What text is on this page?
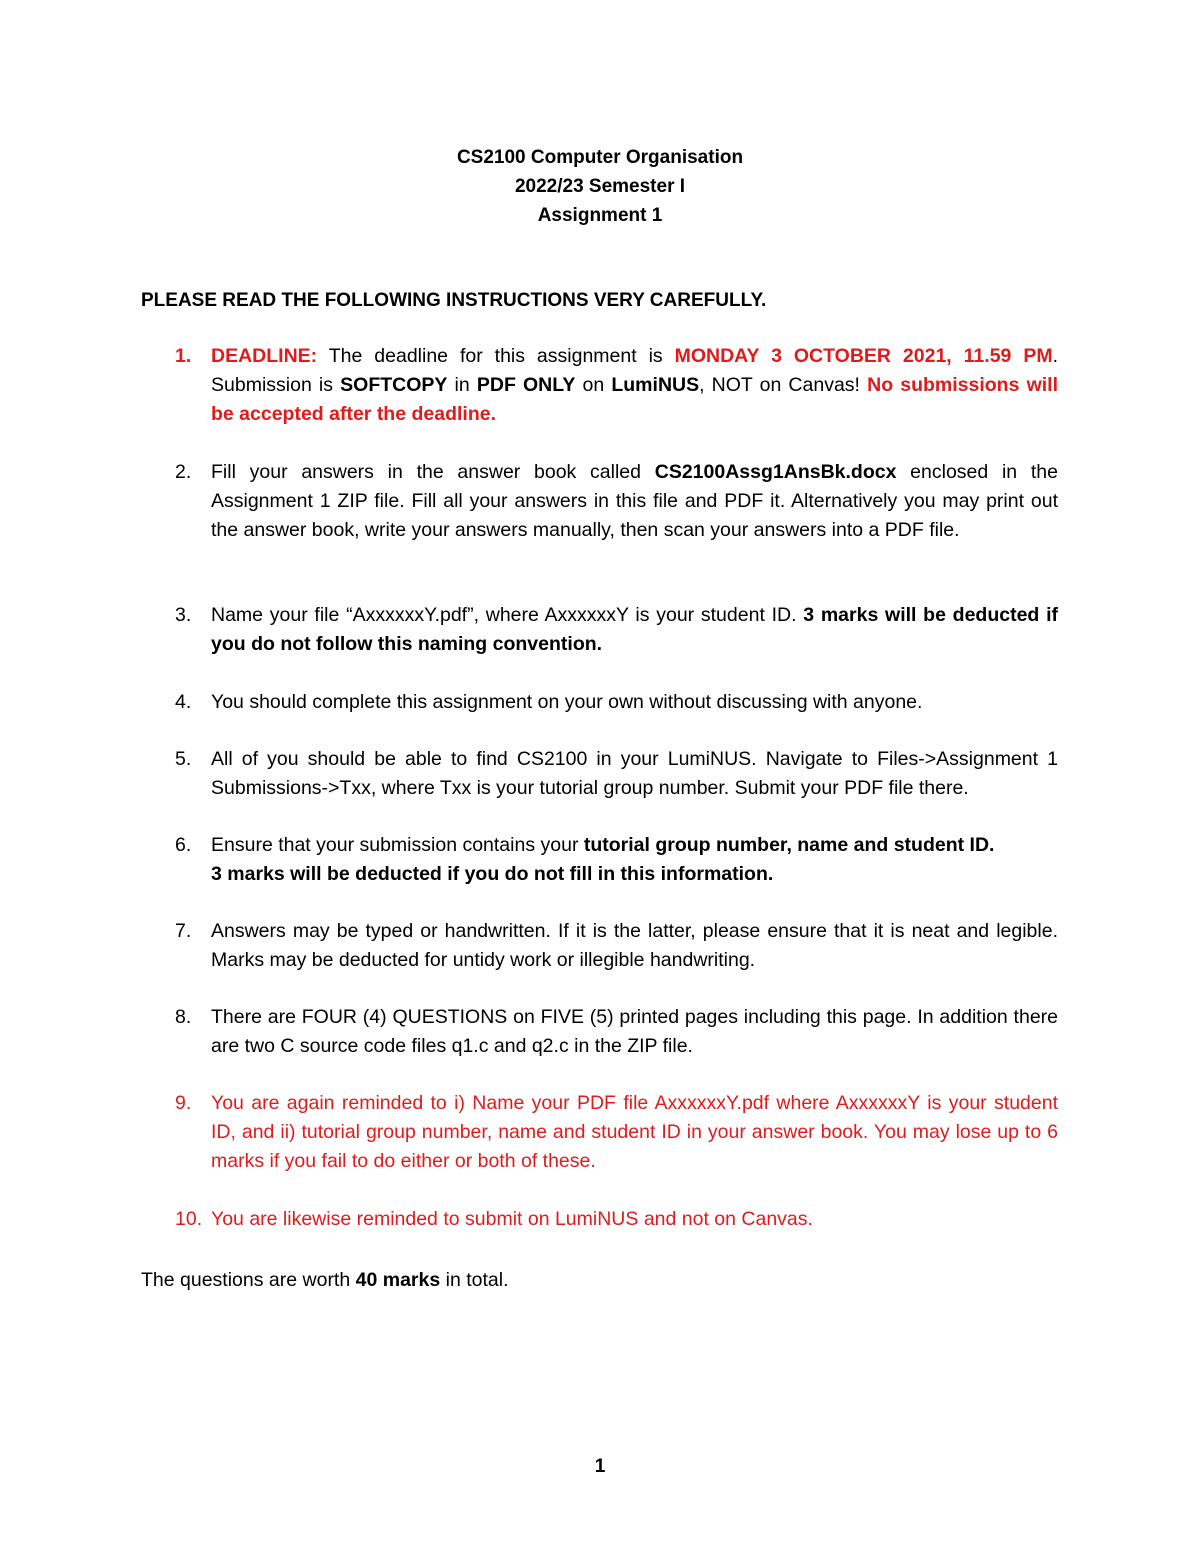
CS2100 Computer Organisation
2022/23 Semester I
Assignment 1
PLEASE READ THE FOLLOWING INSTRUCTIONS VERY CAREFULLY.
1.	DEADLINE: The deadline for this assignment is MONDAY 3 OCTOBER 2021, 11.59 PM. Submission is SOFTCOPY in PDF ONLY on LumiNUS, NOT on Canvas! No submissions will be accepted after the deadline.
2.	Fill your answers in the answer book called CS2100Assg1AnsBk.docx enclosed in the Assignment 1 ZIP file. Fill all your answers in this file and PDF it. Alternatively you may print out the answer book, write your answers manually, then scan your answers into a PDF file.
3.	Name your file “AxxxxxxY.pdf”, where AxxxxxxY is your student ID. 3 marks will be deducted if you do not follow this naming convention.
4.	You should complete this assignment on your own without discussing with anyone.
5.	All of you should be able to find CS2100 in your LumiNUS. Navigate to Files->Assignment 1 Submissions->Txx, where Txx is your tutorial group number. Submit your PDF file there.
6.	Ensure that your submission contains your tutorial group number, name and student ID.
3 marks will be deducted if you do not fill in this information.
7.	Answers may be typed or handwritten. If it is the latter, please ensure that it is neat and legible. Marks may be deducted for untidy work or illegible handwriting.
8.	There are FOUR (4) QUESTIONS on FIVE (5) printed pages including this page. In addition there are two C source code files q1.c and q2.c in the ZIP file.
9.	You are again reminded to i) Name your PDF file AxxxxxxY.pdf where AxxxxxxY is your student ID, and ii) tutorial group number, name and student ID in your answer book. You may lose up to 6 marks if you fail to do either or both of these.
10. You are likewise reminded to submit on LumiNUS and not on Canvas.
The questions are worth 40 marks in total.
1
